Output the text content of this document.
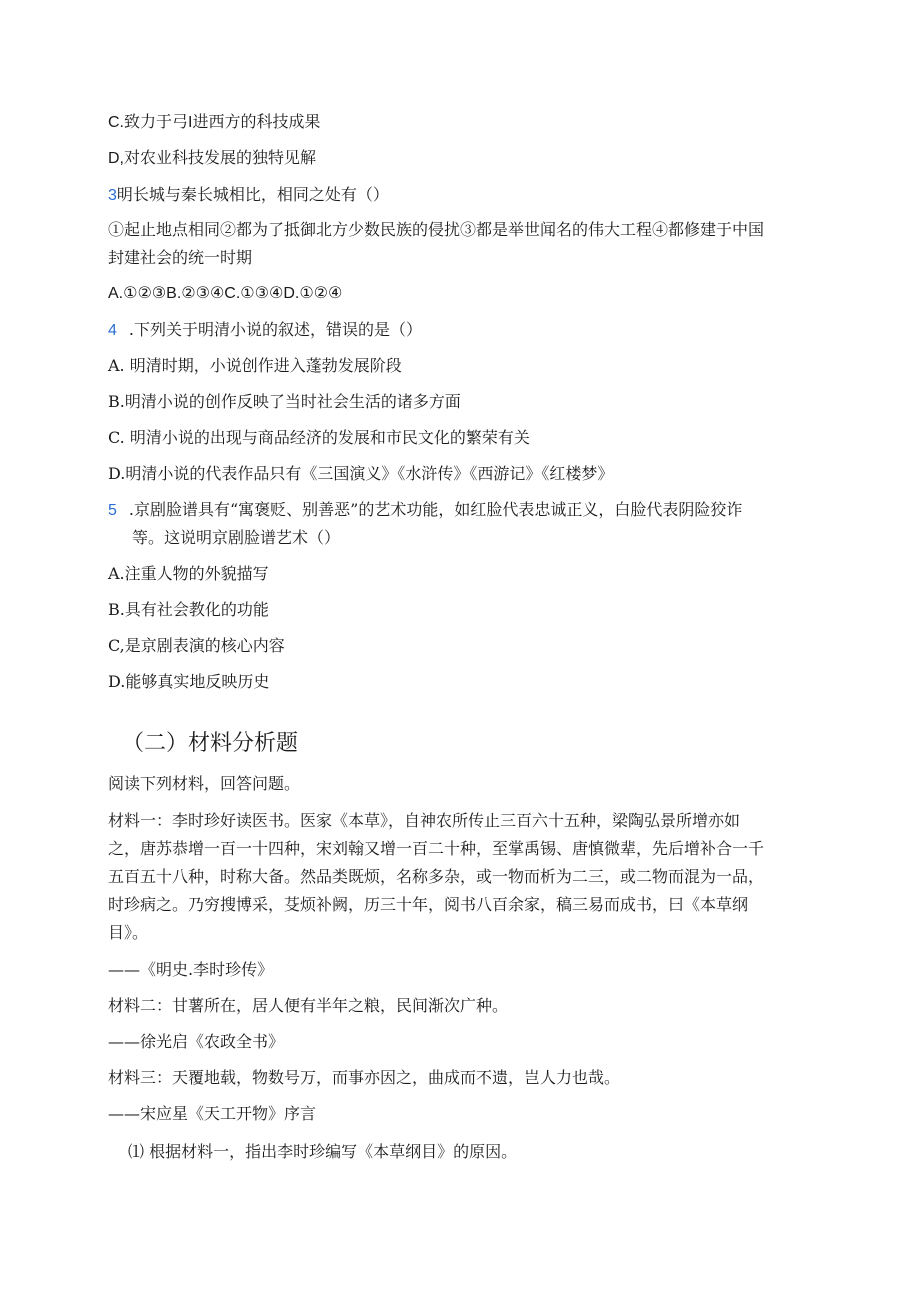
C.致力于弓I进西方的科技成果
D,对农业科技发展的独特见解
3明长城与秦长城相比，相同之处有（）
①起止地点相同②都为了抵御北方少数民族的侵扰③都是举世闻名的伟大工程④都修建于中国
封建社会的统一时期
A.①②③B.②③④C.①③④D.①②④
4 .下列关于明清小说的叙述，错误的是（）
A. 明清时期，小说创作进入蓬勃发展阶段
B.明清小说的创作反映了当时社会生活的诸多方面
C. 明清小说的出现与商品经济的发展和市民文化的繁荣有关
D.明清小说的代表作品只有《三国演义》《水浒传》《西游记》《红楼梦》
5 .京剧脸谱具有“寓褒贬、别善恶”的艺术功能，如红脸代表忠诚正义，白脸代表阴险狡诈
等。这说明京剧脸谱艺术（）
A.注重人物的外貌描写
B.具有社会教化的功能
C,是京剧表演的核心内容
D.能够真实地反映历史
（二）材料分析题
阅读下列材料，回答问题。
材料一：李时珍好读医书。医家《本草》，自神农所传止三百六十五种，梁陶弘景所增亦如
之，唐苏恭增一百一十四种，宋刘翰又增一百二十种，至掌禹锡、唐慎微辈，先后增补合一千
五百五十八种，时称大备。然品类既烦，名称多杂，或一物而析为二三，或二物而混为一品，
时珍病之。乃穷搜博采，芟烦补阙，历三十年，阅书八百余家，稿三易而成书，曰《本草纲
目》。
——《明史.李时珍传》
材料二：甘薯所在，居人便有半年之粮，民间渐次广种。
——徐光启《农政全书》
材料三：天覆地载，物数号万，而事亦因之，曲成而不遗，岂人力也哉。
——宋应星《天工开物》序言
⑴ 根据材料一，指出李时珍编写《本草纲目》的原因。
